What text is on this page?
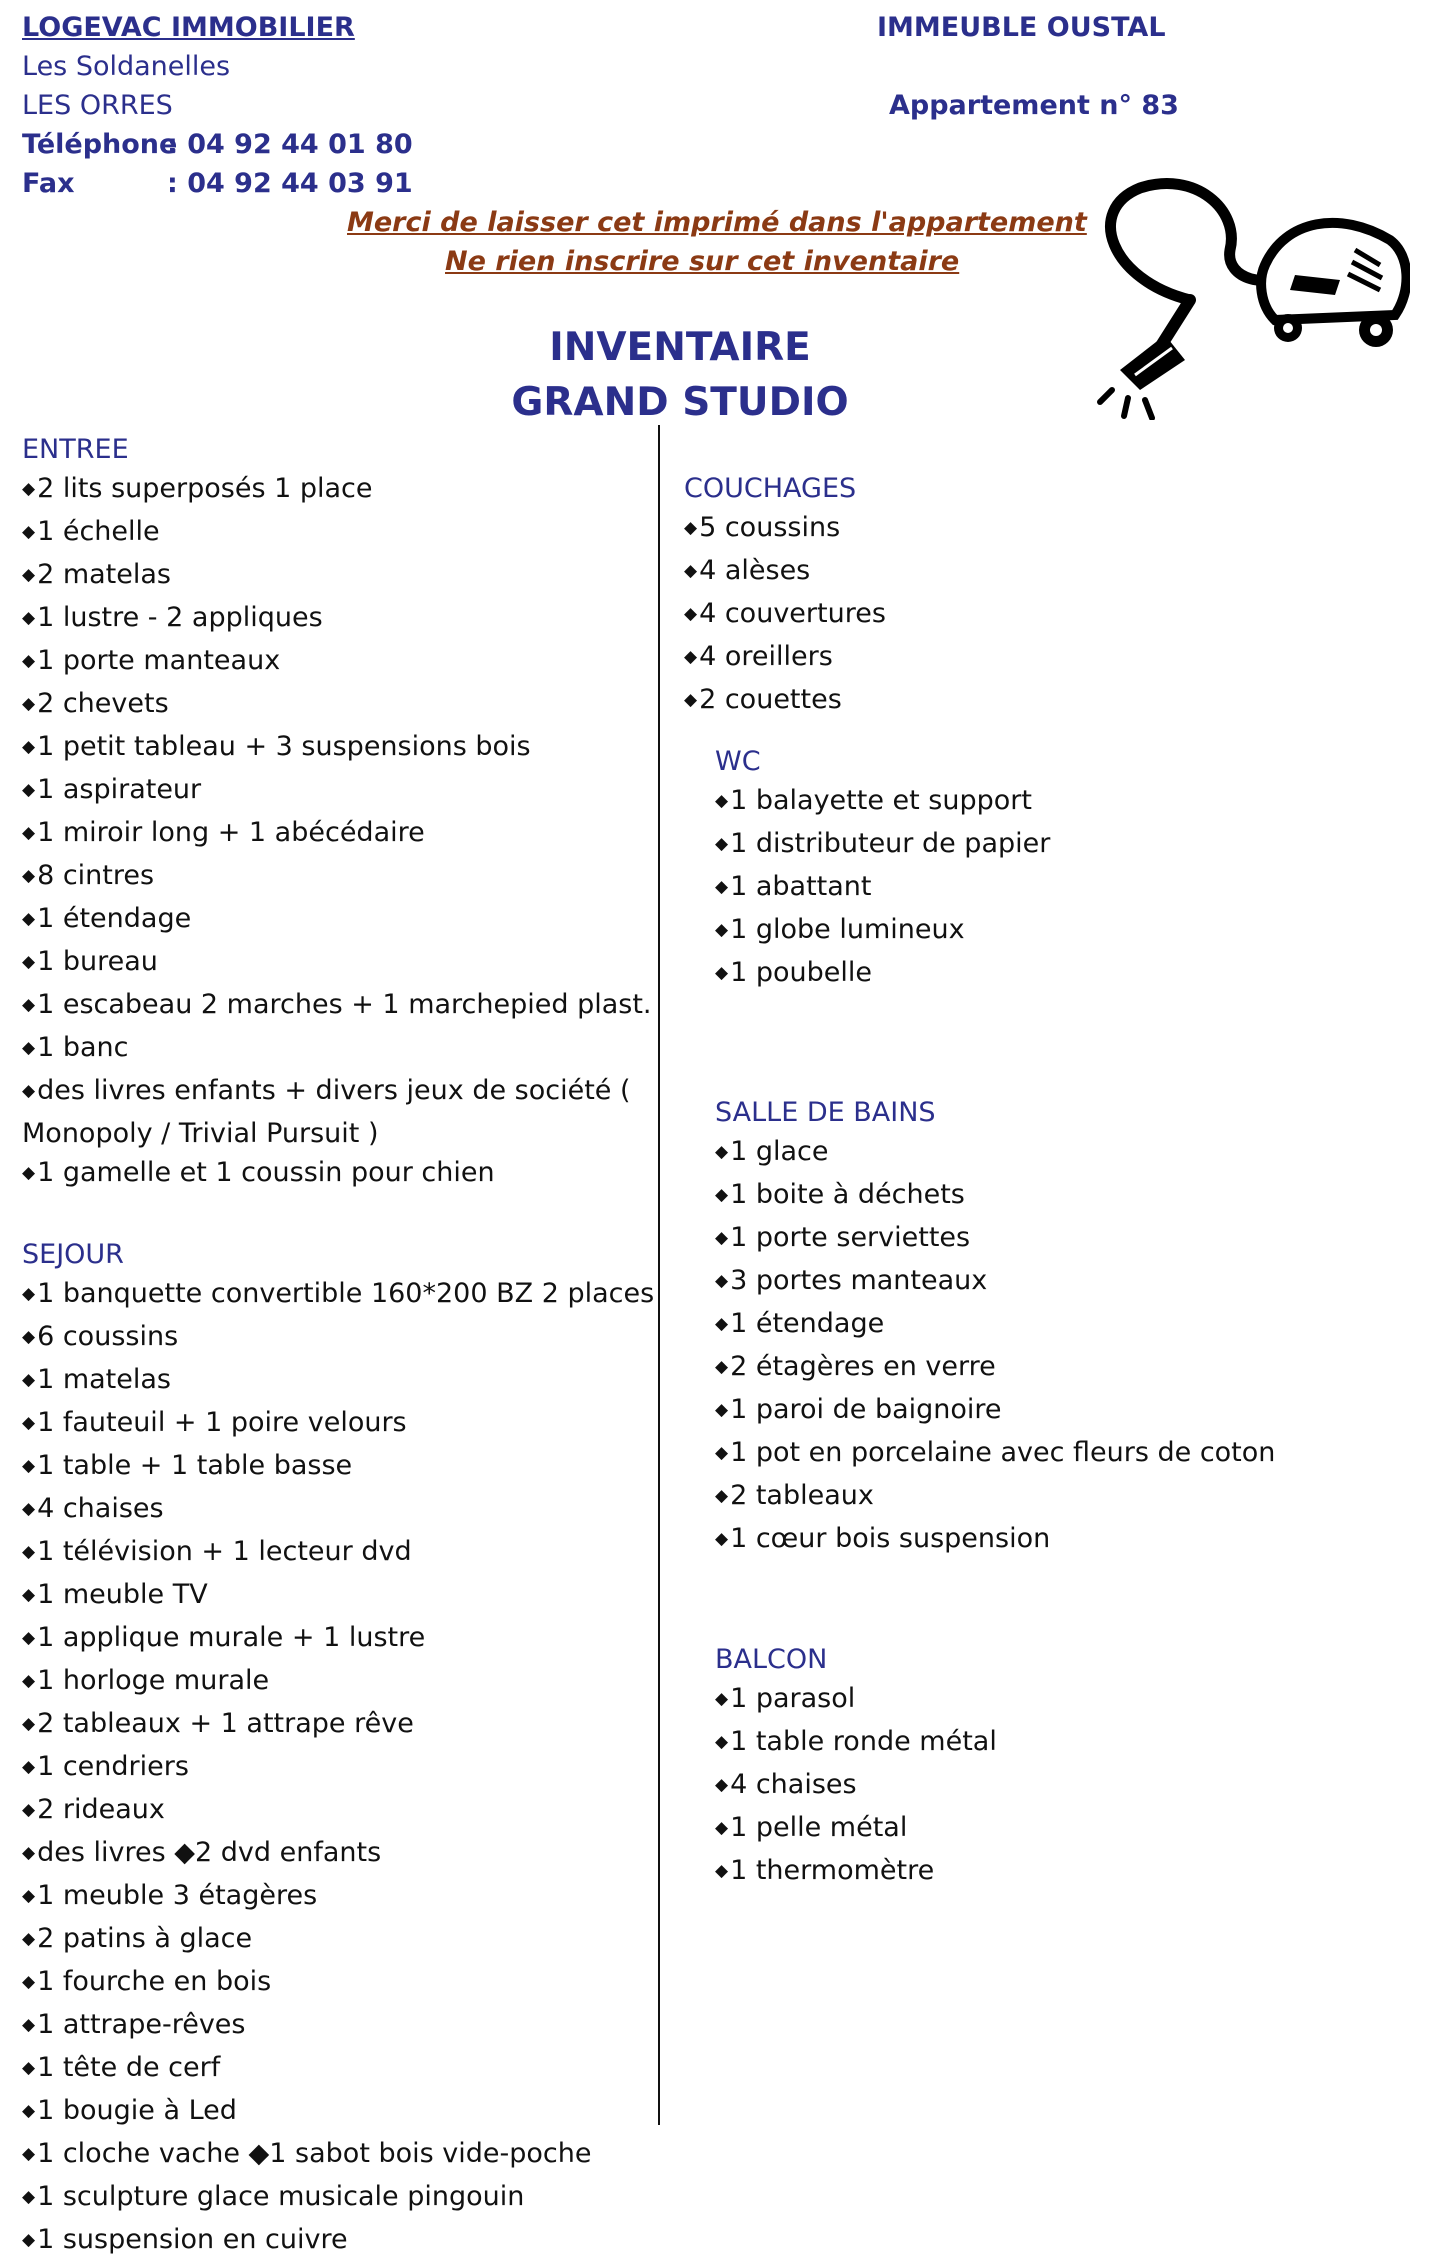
LOGEVAC IMMOBILIER
Les Soldanelles
LES ORRES
Téléphone
: 04 92 44 01 80
Fax	: 04 92 44 03 91
IMMEUBLE OUSTAL
Appartement n° 83
Merci de laisser cet imprimé dans l'appartement
Ne rien inscrire sur cet inventaire
INVENTAIRE
GRAND STUDIO
ENTREE
◆2 lits superposés 1 place
◆1 échelle
◆2 matelas
◆1 lustre - 2 appliques
◆1 porte manteaux
◆2 chevets
◆1 petit tableau + 3 suspensions bois
◆1 aspirateur
◆1 miroir long + 1 abécédaire
◆8 cintres
◆1 étendage
◆1 bureau
◆1 escabeau 2 marches + 1 marchepied plast.
◆1 banc
◆des livres enfants + divers jeux de société (
Monopoly / Trivial Pursuit )
◆1 gamelle et 1 coussin pour chien
SEJOUR
◆1 banquette convertible 160*200 BZ 2 places
◆6 coussins
◆1 matelas
◆1 fauteuil + 1 poire velours
◆1 table + 1 table basse
◆4 chaises
◆1 télévision + 1 lecteur dvd
◆1 meuble TV
◆1 applique murale + 1 lustre
◆1 horloge murale
◆2 tableaux + 1 attrape rêve
◆1 cendriers
◆2 rideaux
◆des livres ◆2 dvd enfants
◆1 meuble 3 étagères
◆2 patins à glace
◆1 fourche en bois
◆1 attrape-rêves
◆1 tête de cerf
◆1 bougie à Led
◆1 cloche vache ◆1 sabot bois vide-poche
◆1 sculpture glace musicale pingouin
◆1 suspension en cuivre
COUCHAGES
◆5 coussins
◆4 alèses
◆4 couvertures
◆4 oreillers
◆2 couettes
WC
◆1 balayette et support
◆1 distributeur de papier
◆1 abattant
◆1 globe lumineux
◆1 poubelle
SALLE DE BAINS
◆1 glace
◆1 boite à déchets
◆1 porte serviettes
◆3 portes manteaux
◆1 étendage
◆2 étagères en verre
◆1 paroi de baignoire
◆1 pot en porcelaine avec fleurs de coton
◆2 tableaux
◆1 cœur bois suspension
BALCON
◆1 parasol
◆1 table ronde métal
◆4 chaises
◆1 pelle métal
◆1 thermomètre
